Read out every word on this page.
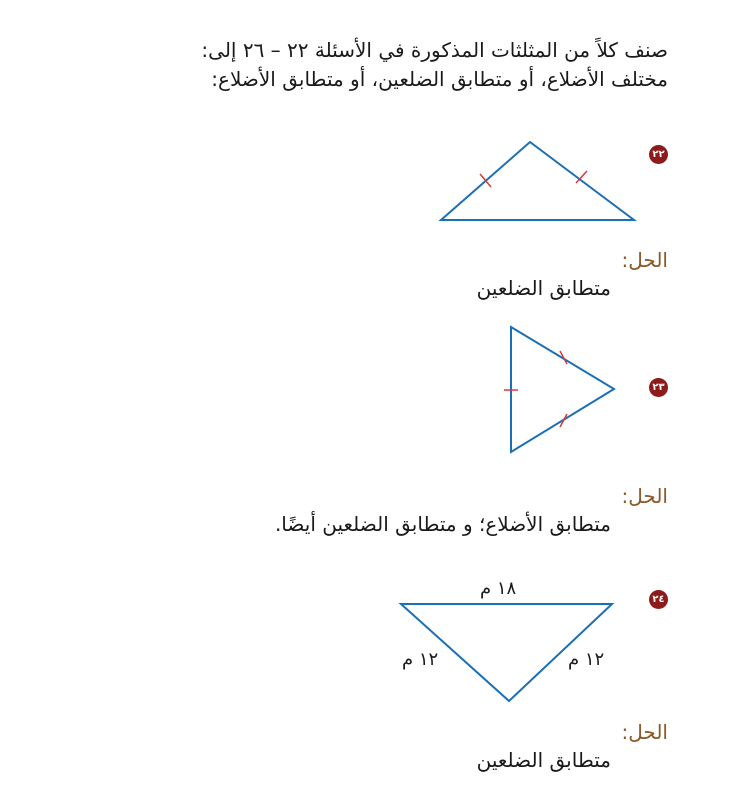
صنف كلاً من المثلثات المذكورة في الأسئلة ٢٢ – ٢٦ إلى:
مختلف الأضلاع، أو متطابق الضلعين، أو متطابق الأضلاع:
٢٢
الحل:
متطابق الضلعين
٢٣
الحل:
متطابق الأضلاع؛ و متطابق الضلعين أيضًا.
٢٤
١٨ م
١٢ م	١٢ م
الحل:
متطابق الضلعين
